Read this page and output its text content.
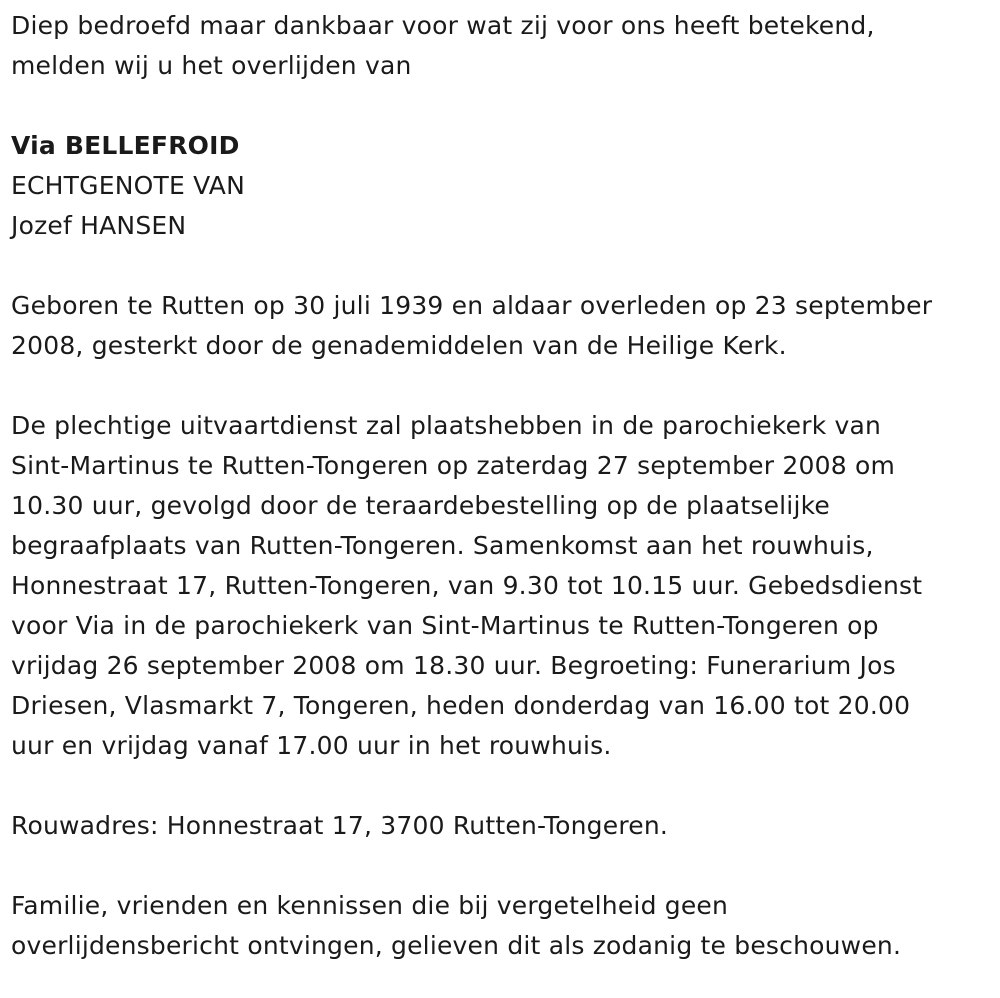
Diep bedroefd maar dankbaar voor wat zij voor ons heeft betekend,
melden wij u het overlijden van
Via BELLEFROID
ECHTGENOTE VAN
Jozef HANSEN
Geboren te Rutten op 30 juli 1939 en aldaar overleden op 23 september
2008, gesterkt door de genademiddelen van de Heilige Kerk.
De plechtige uitvaartdienst zal plaatshebben in de parochiekerk van
Sint-Martinus te Rutten-Tongeren op zaterdag 27 september 2008 om
10.30 uur, gevolgd door de teraardebestelling op de plaatselijke
begraafplaats van Rutten-Tongeren. Samenkomst aan het rouwhuis,
Honnestraat 17, Rutten-Tongeren, van 9.30 tot 10.15 uur. Gebedsdienst
voor Via in de parochiekerk van Sint-Martinus te Rutten-Tongeren op
vrijdag 26 september 2008 om 18.30 uur. Begroeting: Funerarium Jos
Driesen, Vlasmarkt 7, Tongeren, heden donderdag van 16.00 tot 20.00
uur en vrijdag vanaf 17.00 uur in het rouwhuis.
Rouwadres: Honnestraat 17, 3700 Rutten-Tongeren.
Familie, vrienden en kennissen die bij vergetelheid geen
overlijdensbericht ontvingen, gelieven dit als zodanig te beschouwen.
